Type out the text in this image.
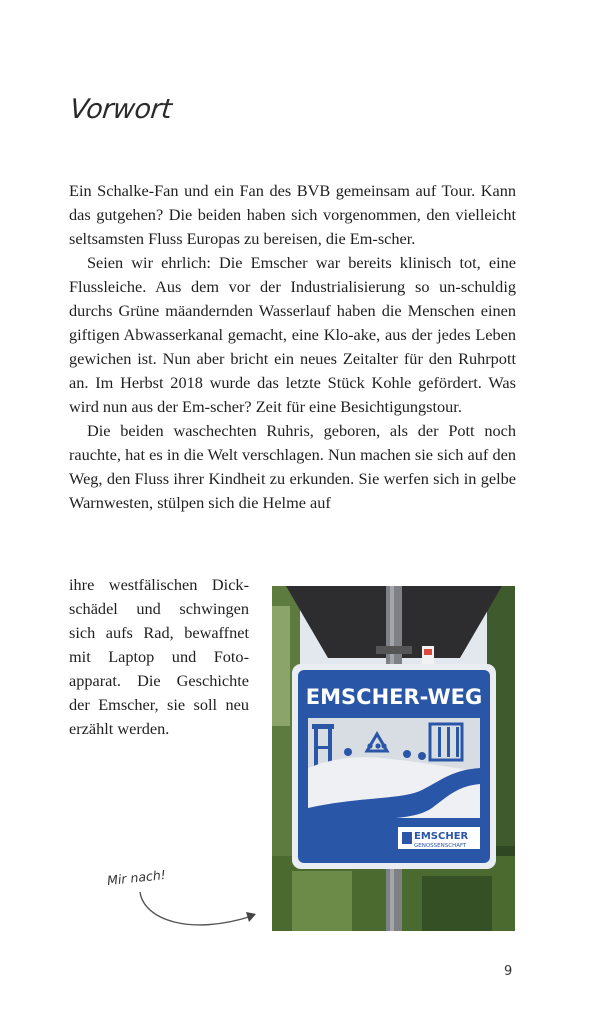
Vorwort

Ein Schalke-Fan und ein Fan des BVB gemeinsam auf Tour. Kann das gutgehen? Die beiden haben sich vorgenommen, den vielleicht seltsamsten Fluss Europas zu bereisen, die Em-scher.

Seien wir ehrlich: Die Emscher war bereits klinisch tot, eine Flussleiche. Aus dem vor der Industrialisierung so un-schuldig durchs Grüne mäandernden Wasserlauf haben die Menschen einen giftigen Abwasserkanal gemacht, eine Klo-ake, aus der jedes Leben gewichen ist. Nun aber bricht ein neues Zeitalter für den Ruhrpott an. Im Herbst 2018 wurde das letzte Stück Kohle gefördert. Was wird nun aus der Em-scher? Zeit für eine Besichtigungstour.

Die beiden waschechten Ruhris, geboren, als der Pott noch rauchte, hat es in die Welt verschlagen. Nun machen sie sich auf den Weg, den Fluss ihrer Kindheit zu erkunden. Sie werfen sich in gelbe Warnwesten, stülpen sich die Helme auf

ihre westfälischen Dick-schädel und schwingen sich aufs Rad, bewaffnet mit Laptop und Foto-apparat. Die Geschichte der Emscher, sie soll neu erzählt werden.
EMSCHER-WEG
EMSCHER
GENOSSENSCHAFT
Mir nach!
9
